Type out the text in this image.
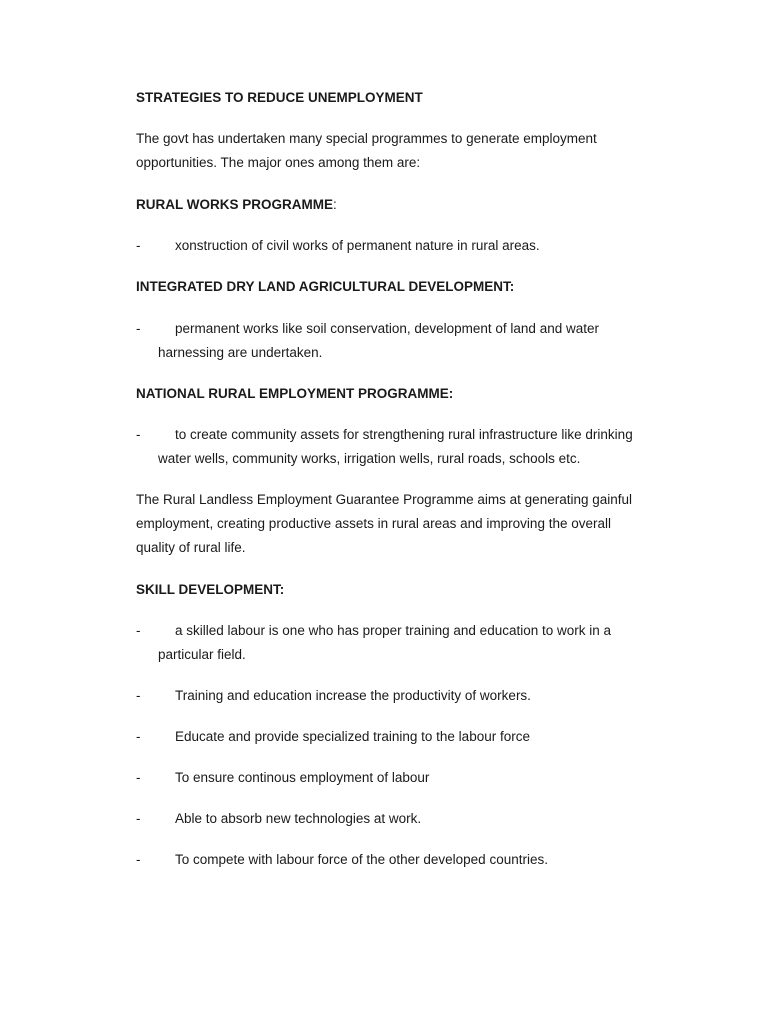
STRATEGIES TO REDUCE UNEMPLOYMENT
The govt has undertaken many special programmes to generate employment
opportunities. The major ones among them are:
RURAL WORKS PROGRAMME:
-	xonstruction of civil works of permanent nature in rural areas.
INTEGRATED DRY LAND AGRICULTURAL DEVELOPMENT:
-	permanent works like soil conservation, development of land and water
harnessing are undertaken.
NATIONAL RURAL EMPLOYMENT PROGRAMME:
-	to create community assets for strengthening rural infrastructure like drinking
water wells, community works, irrigation wells, rural roads, schools etc.
The Rural Landless Employment Guarantee Programme aims at generating gainful
employment, creating productive assets in rural areas and improving the overall
quality of rural life.
SKILL DEVELOPMENT:
-	a skilled labour is one who has proper training and education to work in a
particular field.
-	Training and education increase the productivity of workers.
-	Educate and provide specialized training to the labour force
-	To ensure continous employment of labour
-	Able to absorb new technologies at work.
-	To compete with labour force of the other developed countries.
